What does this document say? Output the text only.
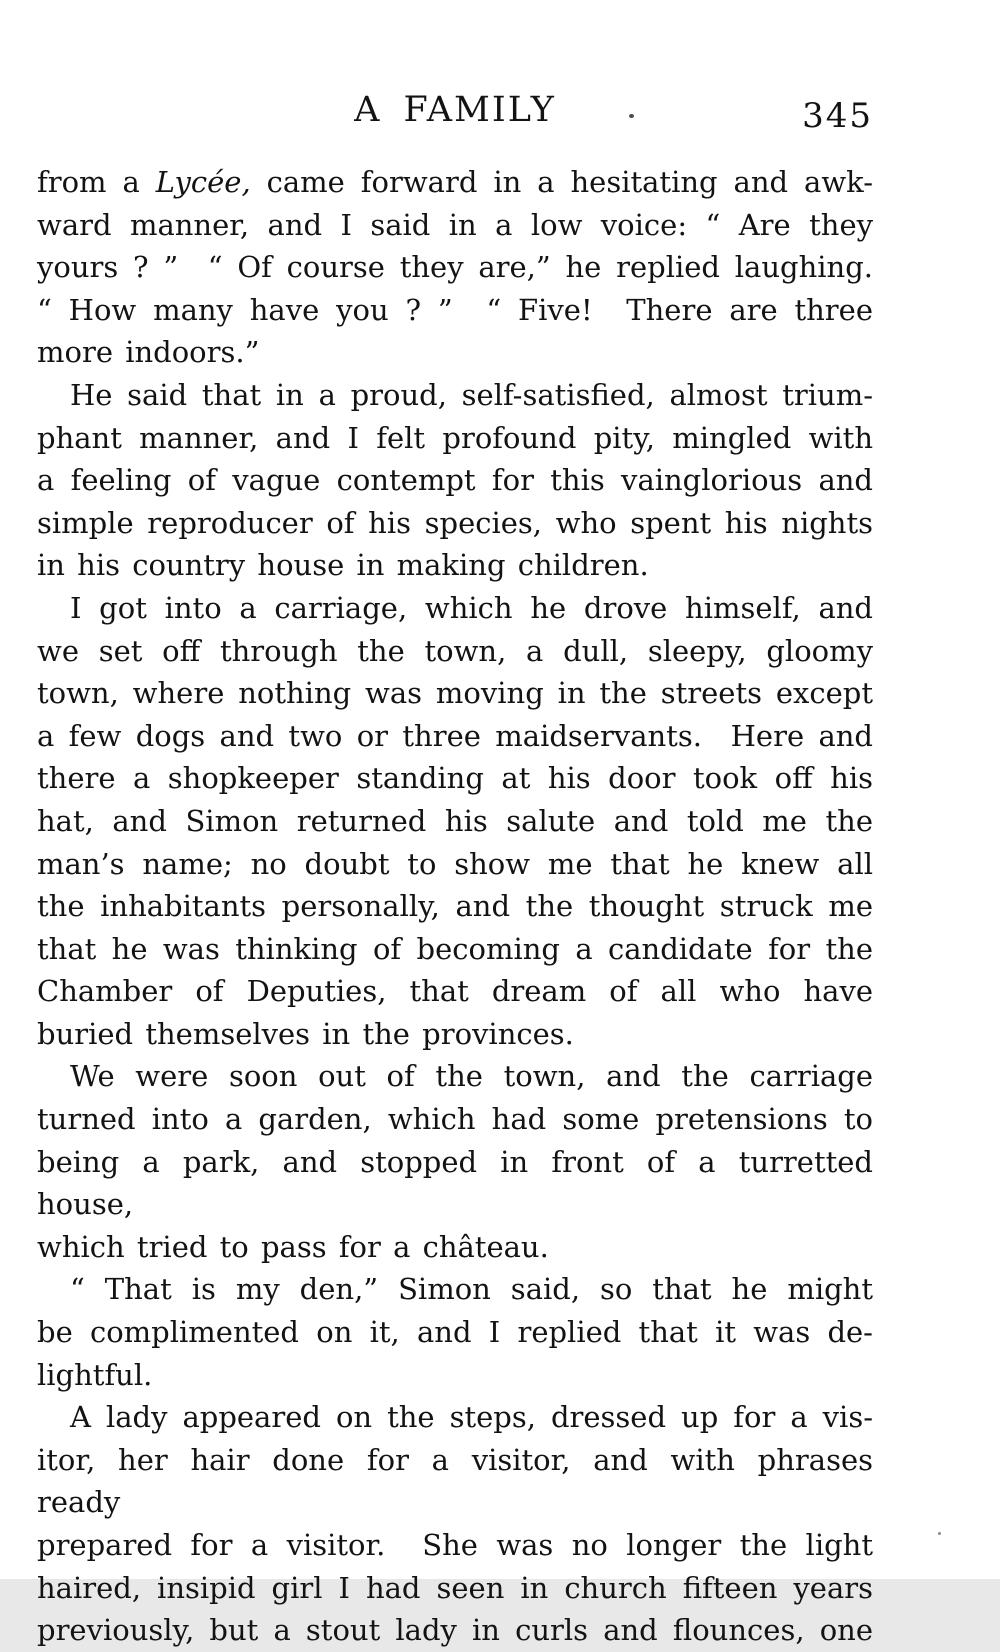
A FAMILY	345
from a Lycée, came forward in a hesitating and awk-
ward manner, and I said in a low voice: “ Are they
yours ? ”  “ Of course they are,” he replied laughing.
“ How many have you ? ”  “ Five!  There are three
more indoors.”
He said that in a proud, self-satisfied, almost trium-
phant manner, and I felt profound pity, mingled with
a feeling of vague contempt for this vainglorious and
simple reproducer of his species, who spent his nights
in his country house in making children.
I got into a carriage, which he drove himself, and
we set off through the town, a dull, sleepy, gloomy
town, where nothing was moving in the streets except
a few dogs and two or three maidservants.  Here and
there a shopkeeper standing at his door took off his
hat, and Simon returned his salute and told me the
man’s name; no doubt to show me that he knew all
the inhabitants personally, and the thought struck me
that he was thinking of becoming a candidate for the
Chamber of Deputies, that dream of all who have
buried themselves in the provinces.
We were soon out of the town, and the carriage
turned into a garden, which had some pretensions to
being a park, and stopped in front of a turretted house,
which tried to pass for a château.
“ That is my den,” Simon said, so that he might
be complimented on it, and I replied that it was de-
lightful.
A lady appeared on the steps, dressed up for a vis-
itor, her hair done for a visitor, and with phrases ready
prepared for a visitor.  She was no longer the light
haired, insipid girl I had seen in church fifteen years
previously, but a stout lady in curls and flounces, one
